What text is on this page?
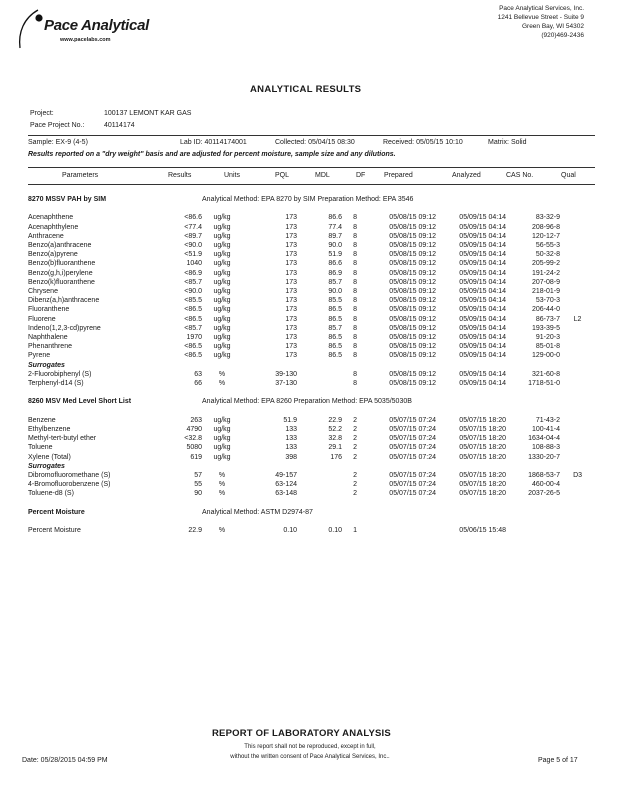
Pace Analytical
www.pacelabs.com
Pace Analytical Services, Inc.
1241 Bellevue Street - Suite 9
Green Bay, WI 54302
(920)469-2436
ANALYTICAL RESULTS
Project:	100137 LEMONT KAR GAS
Pace Project No.:	40114174
Sample: EX-9 (4-5)	Lab ID: 40114174001	Collected: 05/04/15 08:30	Received: 05/05/15 10:10	Matrix: Solid
Results reported on a "dry weight" basis and are adjusted for percent moisture, sample size and any dilutions.
Parameters	Results	Units	PQL	MDL	DF	Prepared	Analyzed	CAS No.	Qual
8270 MSSV PAH by SIM		Analytical Method: EPA 8270 by SIM Preparation Method: EPA 3546								

Acenaphthene	<86.6	ug/kg	173	86.6	8		05/08/15 09:12	05/09/15 04:14	83-32-9	
Acenaphthylene	<77.4	ug/kg	173	77.4	8		05/08/15 09:12	05/09/15 04:14	208-96-8	
Anthracene	<89.7	ug/kg	173	89.7	8		05/08/15 09:12	05/09/15 04:14	120-12-7	
Benzo(a)anthracene	<90.0	ug/kg	173	90.0	8		05/08/15 09:12	05/09/15 04:14	56-55-3	
Benzo(a)pyrene	<51.9	ug/kg	173	51.9	8		05/08/15 09:12	05/09/15 04:14	50-32-8	
Benzo(b)fluoranthene	1040	ug/kg	173	86.6	8		05/08/15 09:12	05/09/15 04:14	205-99-2	
Benzo(g,h,i)perylene	<86.9	ug/kg	173	86.9	8		05/08/15 09:12	05/09/15 04:14	191-24-2	
Benzo(k)fluoranthene	<85.7	ug/kg	173	85.7	8		05/08/15 09:12	05/09/15 04:14	207-08-9	
Chrysene	<90.0	ug/kg	173	90.0	8		05/08/15 09:12	05/09/15 04:14	218-01-9	
Dibenz(a,h)anthracene	<85.5	ug/kg	173	85.5	8		05/08/15 09:12	05/09/15 04:14	53-70-3	
Fluoranthene	<86.5	ug/kg	173	86.5	8		05/08/15 09:12	05/09/15 04:14	206-44-0	
Fluorene	<86.5	ug/kg	173	86.5	8		05/08/15 09:12	05/09/15 04:14	86-73-7	L2
Indeno(1,2,3-cd)pyrene	<85.7	ug/kg	173	85.7	8		05/08/15 09:12	05/09/15 04:14	193-39-5	
Naphthalene	1970	ug/kg	173	86.5	8		05/08/15 09:12	05/09/15 04:14	91-20-3	
Phenanthrene	<86.5	ug/kg	173	86.5	8		05/08/15 09:12	05/09/15 04:14	85-01-8	
Pyrene	<86.5	ug/kg	173	86.5	8		05/08/15 09:12	05/09/15 04:14	129-00-0	
Surrogates										
2-Fluorobiphenyl (S)	63	%	39-130		8		05/08/15 09:12	05/09/15 04:14	321-60-8	
Terphenyl-d14 (S)	66	%	37-130		8		05/08/15 09:12	05/09/15 04:14	1718-51-0	

8260 MSV Med Level Short List		Analytical Method: EPA 8260 Preparation Method: EPA 5035/5030B								

Benzene	263	ug/kg	51.9	22.9	2		05/07/15 07:24	05/07/15 18:20	71-43-2	
Ethylbenzene	4790	ug/kg	133	52.2	2		05/07/15 07:24	05/07/15 18:20	100-41-4	
Methyl-tert-butyl ether	<32.8	ug/kg	133	32.8	2		05/07/15 07:24	05/07/15 18:20	1634-04-4	
Toluene	5080	ug/kg	133	29.1	2		05/07/15 07:24	05/07/15 18:20	108-88-3	
Xylene (Total)	619	ug/kg	398	176	2		05/07/15 07:24	05/07/15 18:20	1330-20-7	
Surrogates										
Dibromofluoromethane (S)	57	%	49-157		2		05/07/15 07:24	05/07/15 18:20	1868-53-7	D3
4-Bromofluorobenzene (S)	55	%	63-124		2		05/07/15 07:24	05/07/15 18:20	460-00-4	
Toluene-d8 (S)	90	%	63-148		2		05/07/15 07:24	05/07/15 18:20	2037-26-5	

Percent Moisture		Analytical Method: ASTM D2974-87								

Percent Moisture	22.9	%	0.10	0.10	1			05/06/15 15:48		
REPORT OF LABORATORY ANALYSIS
This report shall not be reproduced, except in full,
without the written consent of Pace Analytical Services, Inc..
Date: 05/28/2015 04:59 PM	Page 5 of 17
